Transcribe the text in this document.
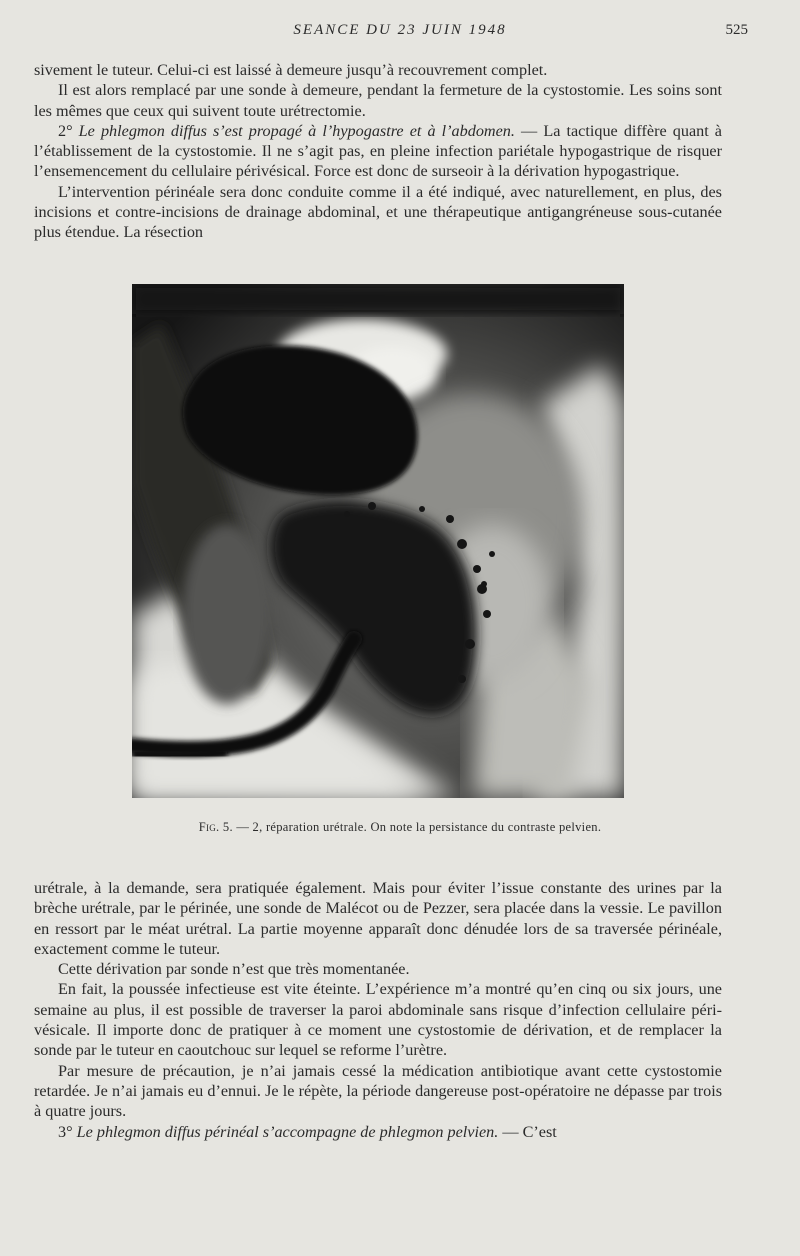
SEANCE DU 23 JUIN 1948	525

sivement le tuteur. Celui-ci est laissé à demeure jusqu’à recouvrement complet.

Il est alors remplacé par une sonde à demeure, pendant la fermeture de la cystostomie. Les soins sont les mêmes que ceux qui suivent toute urétrectomie.

2° Le phlegmon diffus s’est propagé à l’hypogastre et à l’abdomen. — La tactique diffère quant à l’établissement de la cystostomie. Il ne s’agit pas, en pleine infection pariétale hypogastrique de risquer l’ensemencement du cellulaire périvésical. Force est donc de surseoir à la dérivation hypogastrique.

L’intervention périnéale sera donc conduite comme il a été indiqué, avec naturellement, en plus, des incisions et contre-incisions de drainage abdominal, et une thérapeutique antigangréneuse sous-cutanée plus étendue. La résection

Fig. 5. — 2, réparation urétrale. On note la persistance du contraste pelvien.

urétrale, à la demande, sera pratiquée également. Mais pour éviter l’issue constante des urines par la brèche urétrale, par le périnée, une sonde de Malécot ou de Pezzer, sera placée dans la vessie. Le pavillon en ressort par le méat urétral. La partie moyenne apparaît donc dénudée lors de sa traversée périnéale, exactement comme le tuteur.

Cette dérivation par sonde n’est que très momentanée.

En fait, la poussée infectieuse est vite éteinte. L’expérience m’a montré qu’en cinq ou six jours, une semaine au plus, il est possible de traverser la paroi abdominale sans risque d’infection cellulaire péri-vésicale. Il importe donc de pratiquer à ce moment une cystostomie de dérivation, et de remplacer la sonde par le tuteur en caoutchouc sur lequel se reforme l’urètre.

Par mesure de précaution, je n’ai jamais cessé la médication antibiotique avant cette cystostomie retardée. Je n’ai jamais eu d’ennui. Je le répète, la période dangereuse post-opératoire ne dépasse par trois à quatre jours.

3° Le phlegmon diffus périnéal s’accompagne de phlegmon pelvien. — C’est
